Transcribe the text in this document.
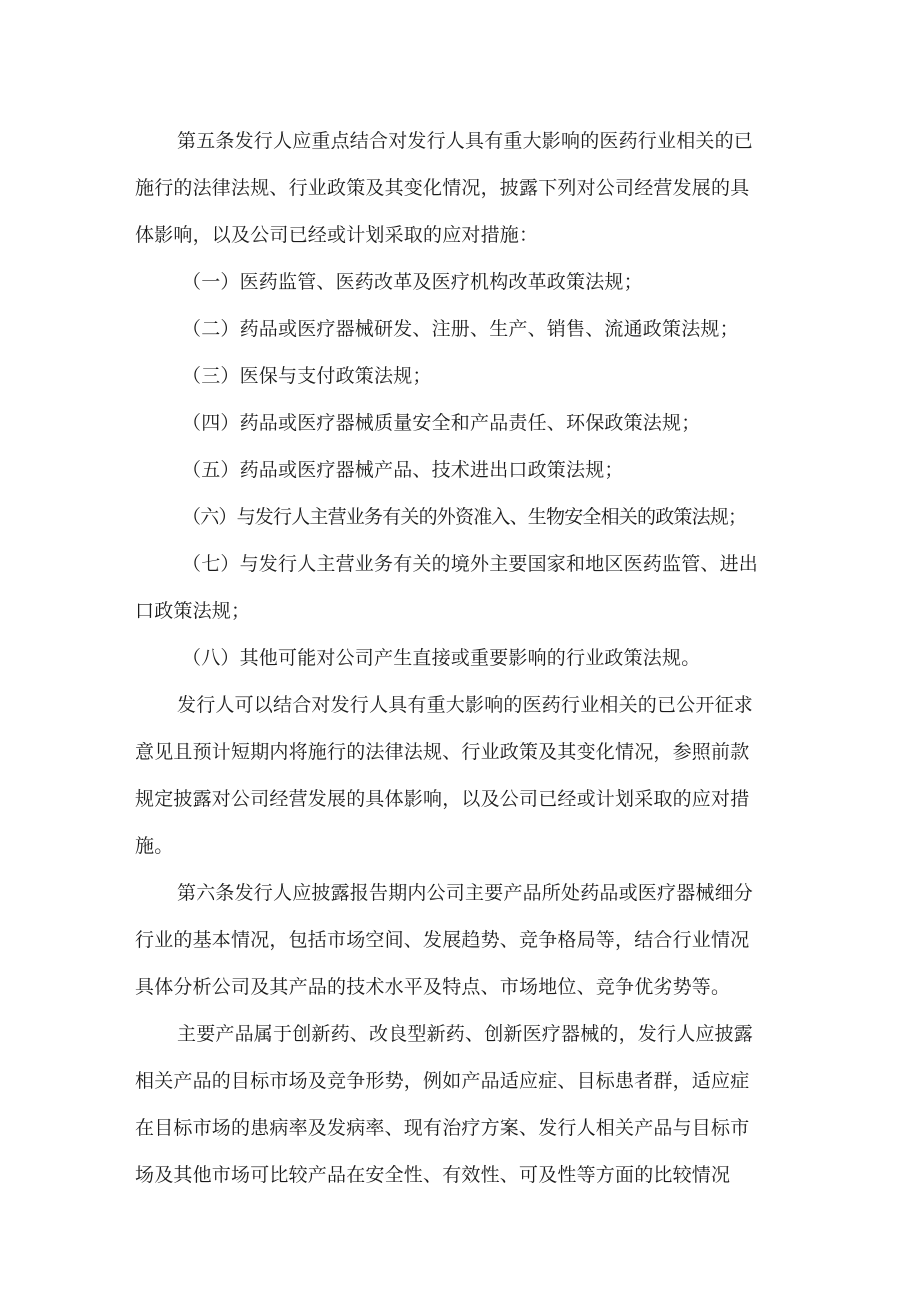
第五条发行人应重点结合对发行人具有重大影响的医药行业相关的已
施行的法律法规、行业政策及其变化情况，披露下列对公司经营发展的具
体影响，以及公司已经或计划采取的应对措施：
（一）医药监管、医药改革及医疗机构改革政策法规；
（二）药品或医疗器械研发、注册、生产、销售、流通政策法规；
（三）医保与支付政策法规；
（四）药品或医疗器械质量安全和产品责任、环保政策法规；
（五）药品或医疗器械产品、技术进出口政策法规；
（六）与发行人主营业务有关的外资准入、生物安全相关的政策法规；
（七）与发行人主营业务有关的境外主要国家和地区医药监管、进出
口政策法规；
（八）其他可能对公司产生直接或重要影响的行业政策法规。
发行人可以结合对发行人具有重大影响的医药行业相关的已公开征求
意见且预计短期内将施行的法律法规、行业政策及其变化情况，参照前款
规定披露对公司经营发展的具体影响，以及公司已经或计划采取的应对措
施。
第六条发行人应披露报告期内公司主要产品所处药品或医疗器械细分
行业的基本情况，包括市场空间、发展趋势、竞争格局等，结合行业情况
具体分析公司及其产品的技术水平及特点、市场地位、竞争优劣势等。
主要产品属于创新药、改良型新药、创新医疗器械的，发行人应披露
相关产品的目标市场及竞争形势，例如产品适应症、目标患者群，适应症
在目标市场的患病率及发病率、现有治疗方案、发行人相关产品与目标市
场及其他市场可比较产品在安全性、有效性、可及性等方面的比较情况
